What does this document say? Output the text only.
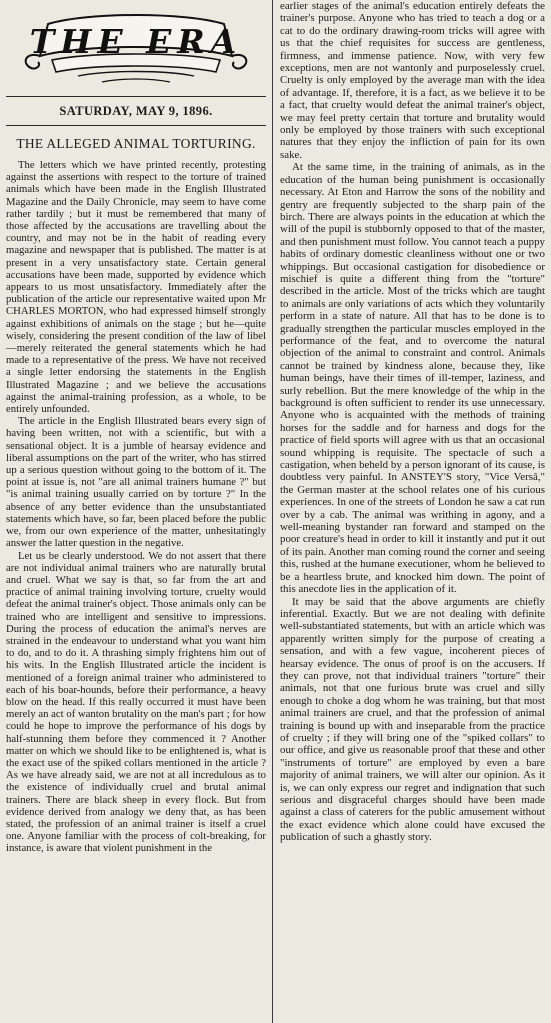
THE ERA
SATURDAY, MAY 9, 1896.
THE ALLEGED ANIMAL TORTURING.

The letters which we have printed recently, protesting against the assertions with respect to the torture of trained animals which have been made in the English Illustrated Magazine and the Daily Chronicle, may seem to have come rather tardily ; but it must be remembered that many of those affected by the accusations are travelling about the country, and may not be in the habit of reading every magazine and newspaper that is published. The matter is at present in a very unsatisfactory state. Certain general accusations have been made, supported by evidence which appears to us most unsatisfactory. Immediately after the publication of the article our representative waited upon Mr CHARLES MORTON, who had expressed himself strongly against exhibitions of animals on the stage ; but he—quite wisely, considering the present condition of the law of libel—merely reiterated the general statements which he had made to a representative of the press. We have not received a single letter endorsing the statements in the English Illustrated Magazine ; and we believe the accusations against the animal-training profession, as a whole, to be entirely unfounded.

The article in the English Illustrated bears every sign of having been written, not with a scientific, but with a sensational object. It is a jumble of hearsay evidence and liberal assumptions on the part of the writer, who has stirred up a serious question without going to the bottom of it. The point at issue is, not "are all animal trainers humane ?" but "is animal training usually carried on by torture ?" In the absence of any better evidence than the unsubstantiated statements which have, so far, been placed before the public we, from our own experience of the matter, unhesitatingly answer the latter question in the negative.

Let us be clearly understood. We do not assert that there are not individual animal trainers who are naturally brutal and cruel. What we say is that, so far from the art and practice of animal training involving torture, cruelty would defeat the animal trainer's object. Those animals only can be trained who are intelligent and sensitive to impressions. During the process of education the animal's nerves are strained in the endeavour to understand what you want him to do, and to do it. A thrashing simply frightens him out of his wits. In the English Illustrated article the incident is mentioned of a foreign animal trainer who administered to each of his boar-hounds, before their performance, a heavy blow on the head. If this really occurred it must have been merely an act of wanton brutality on the man's part ; for how could he hope to improve the performance of his dogs by half-stunning them before they commenced it ? Another matter on which we should like to be enlightened is, what is the exact use of the spiked collars mentioned in the article ? As we have already said, we are not at all incredulous as to the existence of individually cruel and brutal animal trainers. There are black sheep in every flock. But from evidence derived from analogy we deny that, as has been stated, the profession of an animal trainer is itself a cruel one. Anyone familiar with the process of colt-breaking, for instance, is aware that violent punishment in the

earlier stages of the animal's education entirely defeats the trainer's purpose. Anyone who has tried to teach a dog or a cat to do the ordinary drawing-room tricks will agree with us that the chief requisites for success are gentleness, firmness, and immense patience. Now, with very few exceptions, men are not wantonly and purposelessly cruel. Cruelty is only employed by the average man with the idea of advantage. If, therefore, it is a fact, as we believe it to be a fact, that cruelty would defeat the animal trainer's object, we may feel pretty certain that torture and brutality would only be employed by those trainers with such exceptional natures that they enjoy the infliction of pain for its own sake.

At the same time, in the training of animals, as in the education of the human being punishment is occasionally necessary. At Eton and Harrow the sons of the nobility and gentry are frequently subjected to the sharp pain of the birch. There are always points in the education at which the will of the pupil is stubbornly opposed to that of the master, and then punishment must follow. You cannot teach a puppy habits of ordinary domestic cleanliness without one or two whippings. But occasional castigation for disobedience or mischief is quite a different thing from the "torture" described in the article. Most of the tricks which are taught to animals are only variations of acts which they voluntarily perform in a state of nature. All that has to be done is to gradually strengthen the particular muscles employed in the performance of the feat, and to overcome the natural objection of the animal to constraint and control. Animals cannot be trained by kindness alone, because they, like human beings, have their times of ill-temper, laziness, and surly rebellion. But the mere knowledge of the whip in the background is often sufficient to render its use unnecessary. Anyone who is acquainted with the methods of training horses for the saddle and for harness and dogs for the practice of field sports will agree with us that an occasional sound whipping is requisite. The spectacle of such a castigation, when beheld by a person ignorant of its cause, is doubtless very painful. In ANSTEY'S story, "Vice Versâ," the German master at the school relates one of his curious experiences. In one of the streets of London he saw a cat run over by a cab. The animal was writhing in agony, and a well-meaning bystander ran forward and stamped on the poor creature's head in order to kill it instantly and put it out of its pain. Another man coming round the corner and seeing this, rushed at the humane executioner, whom he believed to be a heartless brute, and knocked him down. The point of this anecdote lies in the application of it.

It may be said that the above arguments are chiefly inferential. Exactly. But we are not dealing with definite well-substantiated statements, but with an article which was apparently written simply for the purpose of creating a sensation, and with a few vague, incoherent pieces of hearsay evidence. The onus of proof is on the accusers. If they can prove, not that individual trainers "torture" their animals, not that one furious brute was cruel and silly enough to choke a dog whom he was training, but that most animal trainers are cruel, and that the profession of animal training is bound up with and inseparable from the practice of cruelty ; if they will bring one of the "spiked collars" to our office, and give us reasonable proof that these and other "instruments of torture" are employed by even a bare majority of animal trainers, we will alter our opinion. As it is, we can only express our regret and indignation that such serious and disgraceful charges should have been made against a class of caterers for the public amusement without the exact evidence which alone could have excused the publication of such a ghastly story.
